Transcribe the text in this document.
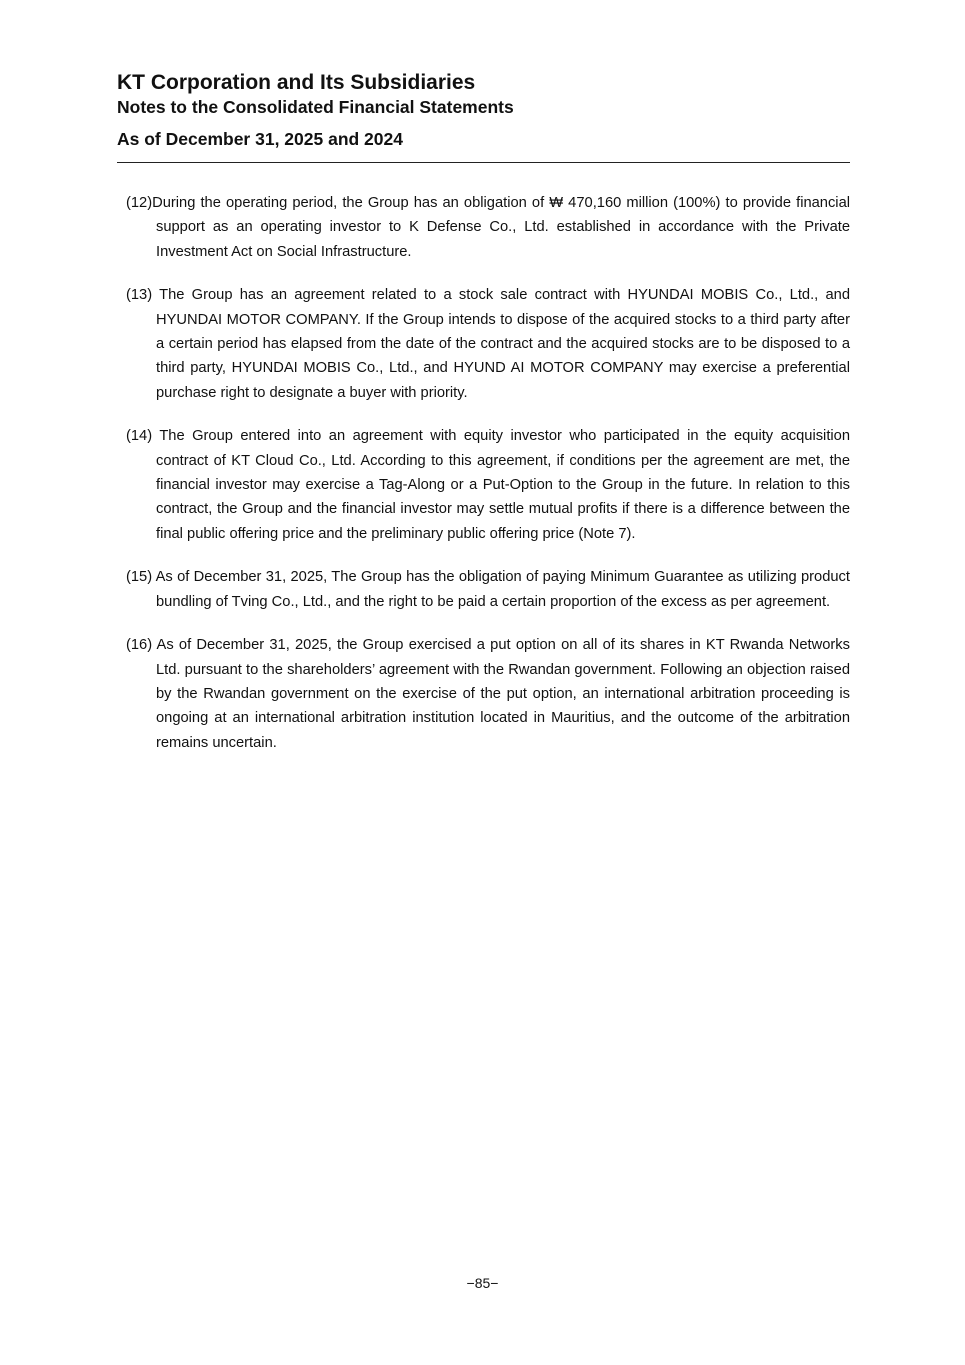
KT Corporation and Its Subsidiaries
Notes to the Consolidated Financial Statements
As of December 31, 2025 and 2024

(12)During the operating period, the Group has an obligation of ₩ 470,160 million (100%) to provide financial support as an operating investor to K Defense Co., Ltd. established in accordance with the Private Investment Act on Social Infrastructure.

(13) The Group has an agreement related to a stock sale contract with HYUNDAI MOBIS Co., Ltd., and HYUNDAI MOTOR COMPANY. If the Group intends to dispose of the acquired stocks to a third party after a certain period has elapsed from the date of the contract and the acquired stocks are to be disposed to a third party, HYUNDAI MOBIS Co., Ltd., and HYUND AI MOTOR COMPANY may exercise a preferential purchase right to designate a buyer with priority.

(14) The Group entered into an agreement with equity investor who participated in the equity acquisition contract of KT Cloud Co., Ltd. According to this agreement, if conditions per the agreement are met, the financial investor may exercise a Tag-Along or a Put-Option to the Group in the future. In relation to this contract, the Group and the financial investor may settle mutual profits if there is a difference between the final public offering price and the preliminary public offering price (Note 7).

(15) As of December 31, 2025, The Group has the obligation of paying Minimum Guarantee as utilizing product bundling of Tving Co., Ltd., and the right to be paid a certain proportion of the excess as per agreement.

(16) As of December 31, 2025, the Group exercised a put option on all of its shares in KT Rwanda Networks Ltd. pursuant to the shareholders’ agreement with the Rwandan government. Following an objection raised by the Rwandan government on the exercise of the put option, an international arbitration proceeding is ongoing at an international arbitration institution located in Mauritius, and the outcome of the arbitration remains uncertain.

−85−
